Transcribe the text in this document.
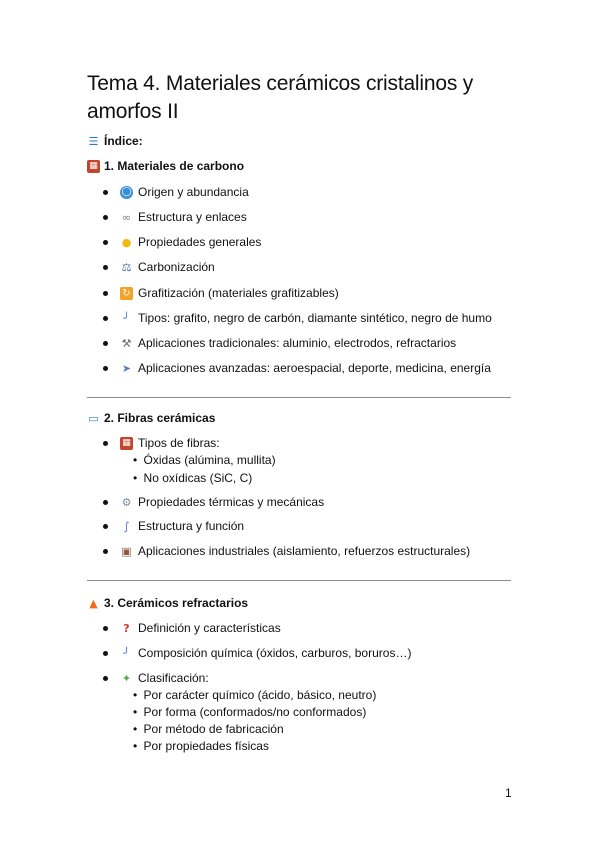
Tema 4. Materiales cerámicos cristalinos y amorfos II
☰ Índice:
▦ 1. Materiales de carbono
◯ Origen y abundancia
∞ Estructura y enlaces
● Propiedades generales
⚖ Carbonización
↻ Grafitización (materiales grafitizables)
╯ Tipos: grafito, negro de carbón, diamante sintético, negro de humo
⚒ Aplicaciones tradicionales: aluminio, electrodos, refractarios
➤ Aplicaciones avanzadas: aeroespacial, deporte, medicina, energía
▭ 2. Fibras cerámicas
▦ Tipos de fibras:
• Óxidas (alúmina, mullita)
• No oxídicas (SiC, C)
⚙ Propiedades térmicas y mecánicas
∫ Estructura y función
▣ Aplicaciones industriales (aislamiento, refuerzos estructurales)
▲ 3. Cerámicos refractarios
? Definición y características
╯ Composición química (óxidos, carburos, boruros…)
✦ Clasificación:
• Por carácter químico (ácido, básico, neutro)
• Por forma (conformados/no conformados)
• Por método de fabricación
• Por propiedades físicas
1
